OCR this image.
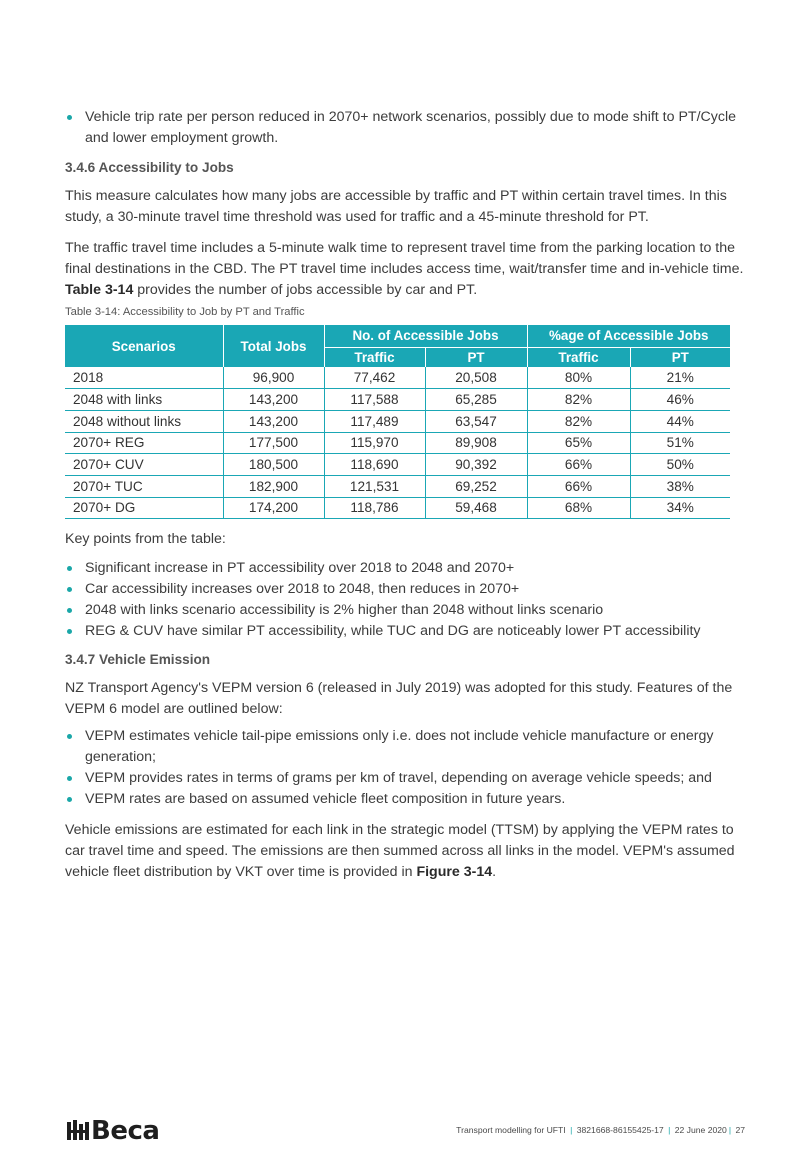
Vehicle trip rate per person reduced in 2070+ network scenarios, possibly due to mode shift to PT/Cycle and lower employment growth.
3.4.6 Accessibility to Jobs

This measure calculates how many jobs are accessible by traffic and PT within certain travel times. In this study, a 30-minute travel time threshold was used for traffic and a 45-minute threshold for PT.

The traffic travel time includes a 5-minute walk time to represent travel time from the parking location to the final destinations in the CBD. The PT travel time includes access time, wait/transfer time and in-vehicle time. Table 3-14 provides the number of jobs accessible by car and PT.

Table 3-14: Accessibility to Job by PT and Traffic
Scenarios	Total Jobs	No. of Accessible Jobs		%age of Accessible Jobs	
		Traffic	PT	Traffic	PT
2018	96,900	77,462	20,508	80%	21%
2048 with links	143,200	117,588	65,285	82%	46%
2048 without links	143,200	117,489	63,547	82%	44%
2070+ REG	177,500	115,970	89,908	65%	51%
2070+ CUV	180,500	118,690	90,392	66%	50%
2070+ TUC	182,900	121,531	69,252	66%	38%
2070+ DG	174,200	118,786	59,468	68%	34%

Key points from the table:

Significant increase in PT accessibility over 2018 to 2048 and 2070+
Car accessibility increases over 2018 to 2048, then reduces in 2070+
2048 with links scenario accessibility is 2% higher than 2048 without links scenario
REG & CUV have similar PT accessibility, while TUC and DG are noticeably lower PT accessibility
3.4.7 Vehicle Emission

NZ Transport Agency's VEPM version 6 (released in July 2019) was adopted for this study. Features of the VEPM 6 model are outlined below:

VEPM estimates vehicle tail-pipe emissions only i.e. does not include vehicle manufacture or energy generation;
VEPM provides rates in terms of grams per km of travel, depending on average vehicle speeds; and
VEPM rates are based on assumed vehicle fleet composition in future years.

Vehicle emissions are estimated for each link in the strategic model (TTSM) by applying the VEPM rates to car travel time and speed. The emissions are then summed across all links in the model. VEPM's assumed vehicle fleet distribution by VKT over time is provided in Figure 3-14.

Beca	Transport modelling for UFTI | 3821668-86155425-17 | 22 June 2020 | 27
